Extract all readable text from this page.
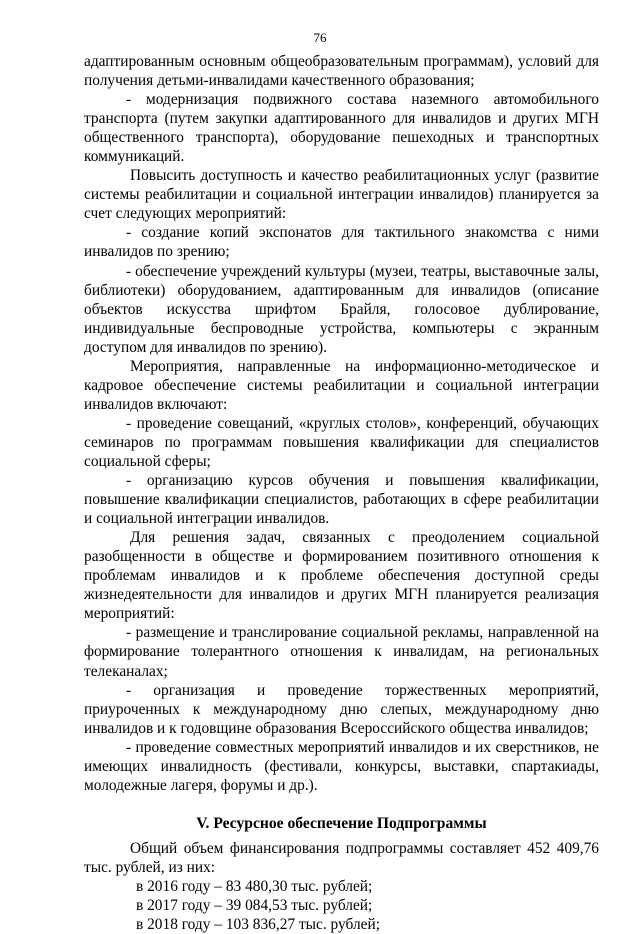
76

адаптированным основным общеобразовательным программам), условий для получения детьми-инвалидами качественного образования;

- модернизация подвижного состава наземного автомобильного транспорта (путем закупки адаптированного для инвалидов и других МГН общественного транспорта), оборудование пешеходных и транспортных коммуникаций.

Повысить доступность и качество реабилитационных услуг (развитие системы реабилитации и социальной интеграции инвалидов) планируется за счет следующих мероприятий:

- создание копий экспонатов для тактильного знакомства с ними инвалидов по зрению;

- обеспечение учреждений культуры (музеи, театры, выставочные залы, библиотеки) оборудованием, адаптированным для инвалидов (описание объектов искусства шрифтом Брайля, голосовое дублирование, индивидуальные беспроводные устройства, компьютеры с экранным доступом для инвалидов по зрению).

Мероприятия, направленные на информационно-методическое и кадровое обеспечение системы реабилитации и социальной интеграции инвалидов включают:

- проведение совещаний, «круглых столов», конференций, обучающих семинаров по программам повышения квалификации для специалистов социальной сферы;

- организацию курсов обучения и повышения квалификации, повышение квалификации специалистов, работающих в сфере реабилитации и социальной интеграции инвалидов.

Для решения задач, связанных с преодолением социальной разобщенности в обществе и формированием позитивного отношения к проблемам инвалидов и к проблеме обеспечения доступной среды жизнедеятельности для инвалидов и других МГН планируется реализация мероприятий:

- размещение и транслирование социальной рекламы, направленной на формирование толерантного отношения к инвалидам, на региональных телеканалах;

- организация и проведение торжественных мероприятий, приуроченных к международному дню слепых, международному дню инвалидов и к годовщине образования Всероссийского общества инвалидов;

- проведение совместных мероприятий инвалидов и их сверстников, не имеющих инвалидность (фестивали, конкурсы, выставки, спартакиады, молодежные лагеря, форумы и др.).

V. Ресурсное обеспечение Подпрограммы

Общий объем финансирования подпрограммы составляет 452 409,76 тыс. рублей, из них:

в 2016 году – 83 480,30 тыс. рублей;

в 2017 году – 39 084,53 тыс. рублей;

в 2018 году – 103 836,27 тыс. рублей;
